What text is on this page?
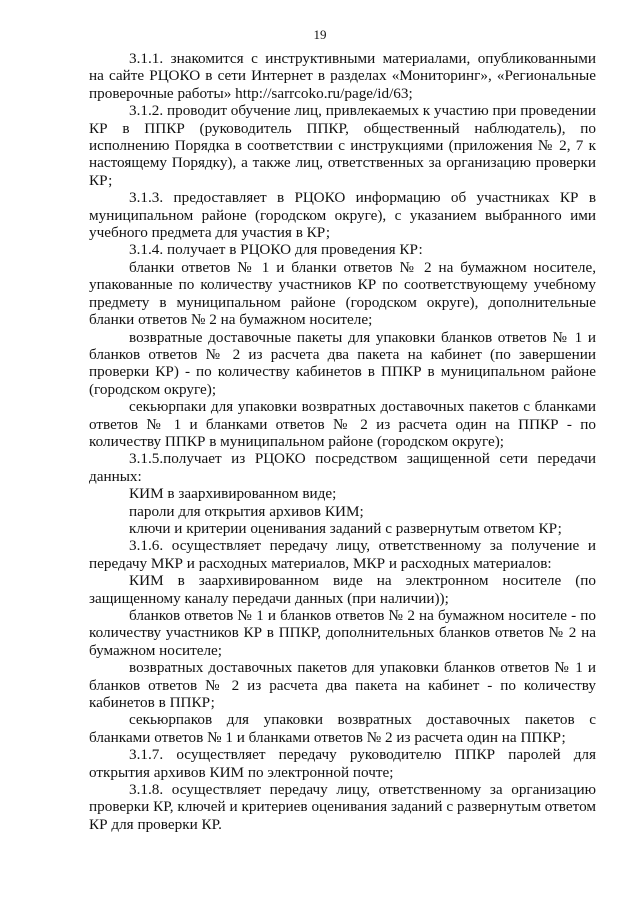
19

3.1.1. знакомится с инструктивными материалами, опубликованными на сайте РЦОКО в сети Интернет в разделах «Мониторинг», «Региональные проверочные работы» http://sarrcoko.ru/page/id/63;

3.1.2. проводит обучение лиц, привлекаемых к участию при проведении КР в ППКР (руководитель ППКР, общественный наблюдатель), по исполнению Порядка в соответствии с инструкциями (приложения № 2, 7 к настоящему Порядку), а также лиц, ответственных за организацию проверки КР;

3.1.3. предоставляет в РЦОКО информацию об участниках КР в муниципальном районе (городском округе), с указанием выбранного ими учебного предмета для участия в КР;

3.1.4. получает в РЦОКО для проведения КР:

бланки ответов № 1 и бланки ответов № 2 на бумажном носителе, упакованные по количеству участников КР по соответствующему учебному предмету в муниципальном районе (городском округе), дополнительные бланки ответов № 2 на бумажном носителе;

возвратные доставочные пакеты для упаковки бланков ответов № 1 и бланков ответов № 2 из расчета два пакета на кабинет (по завершении проверки КР) - по количеству кабинетов в ППКР в муниципальном районе (городском округе);

секьюрпаки для упаковки возвратных доставочных пакетов с бланками ответов № 1 и бланками ответов № 2 из расчета один на ППКР - по количеству ППКР в муниципальном районе (городском округе);

3.1.5.получает из РЦОКО посредством защищенной сети передачи данных:

КИМ в заархивированном виде;

пароли для открытия архивов КИМ;

ключи и критерии оценивания заданий с развернутым ответом КР;

3.1.6. осуществляет передачу лицу, ответственному за получение и передачу МКР и расходных материалов, МКР и расходных материалов:

КИМ в заархивированном виде на электронном носителе (по защищенному каналу передачи данных (при наличии));

бланков ответов № 1 и бланков ответов № 2 на бумажном носителе - по количеству участников КР в ППКР, дополнительных бланков ответов № 2 на бумажном носителе;

возвратных доставочных пакетов для упаковки бланков ответов № 1 и бланков ответов № 2 из расчета два пакета на кабинет - по количеству кабинетов в ППКР;

секьюрпаков для упаковки возвратных доставочных пакетов с бланками ответов № 1 и бланками ответов № 2 из расчета один на ППКР;

3.1.7. осуществляет передачу руководителю ППКР паролей для открытия архивов КИМ по электронной почте;

3.1.8. осуществляет передачу лицу, ответственному за организацию проверки КР, ключей и критериев оценивания заданий с развернутым ответом КР для проверки КР.
